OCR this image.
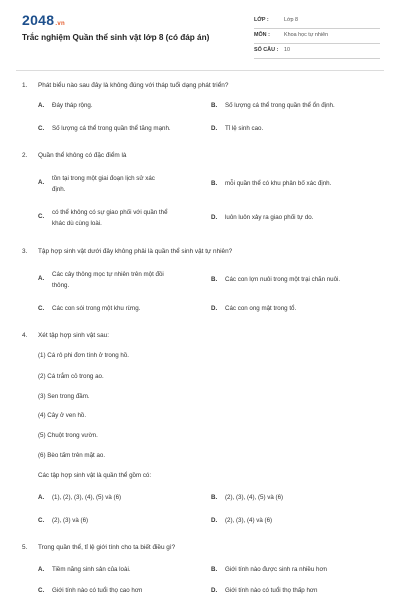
2048.vn
Trắc nghiệm Quần thể sinh vật lớp 8 (có đáp án)
LỚP :	Lớp 8
MÔN :	Khoa học tự nhiên
SỐ CÂU : 10
1. Phát biểu nào sau đây là không đúng với tháp tuổi dạng phát triển?
A. Đáy tháp rộng.	B. Số lượng cá thể trong quần thể ổn định.
C. Số lượng cá thể trong quần thể tăng mạnh.	D. Tỉ lệ sinh cao.
2. Quần thể không có đặc điểm là
A.
tồn tại trong một giai đoạn lịch sử xác
định.
B. mỗi quần thể có khu phân bố xác định.
C.
có thể không có sự giao phối với quần thể
khác dù cùng loài.
D. luôn luôn xảy ra giao phối tự do.
3. Tập hợp sinh vật dưới đây không phải là quần thể sinh vật tự nhiên?
A.
Các cây thông mọc tự nhiên trên một đồi
thông.
B. Các con lợn nuôi trong một trại chăn nuôi.
C. Các con sói trong một khu rừng.	D. Các con ong mật trong tổ.
4. Xét tập hợp sinh vật sau:
(1) Cá rô phi đơn tính ở trong hồ.
(2) Cá trắm cỏ trong ao.
(3) Sen trong đầm.
(4) Cây ở ven hồ.
(5) Chuột trong vườn.
(6) Bèo tấm trên mặt ao.
Các tập hợp sinh vật là quần thể gồm có:
A. (1), (2), (3), (4), (5) và (6)	B. (2), (3), (4), (5) và (6)
C. (2), (3) và (6)	D. (2), (3), (4) và (6)
5. Trong quần thể, tỉ lệ giới tính cho ta biết điều gì?
A. Tiềm năng sinh sản của loài.	B. Giới tính nào được sinh ra nhiều hơn
C. Giới tính nào có tuổi thọ cao hơn	D. Giới tính nào có tuổi thọ thấp hơn
